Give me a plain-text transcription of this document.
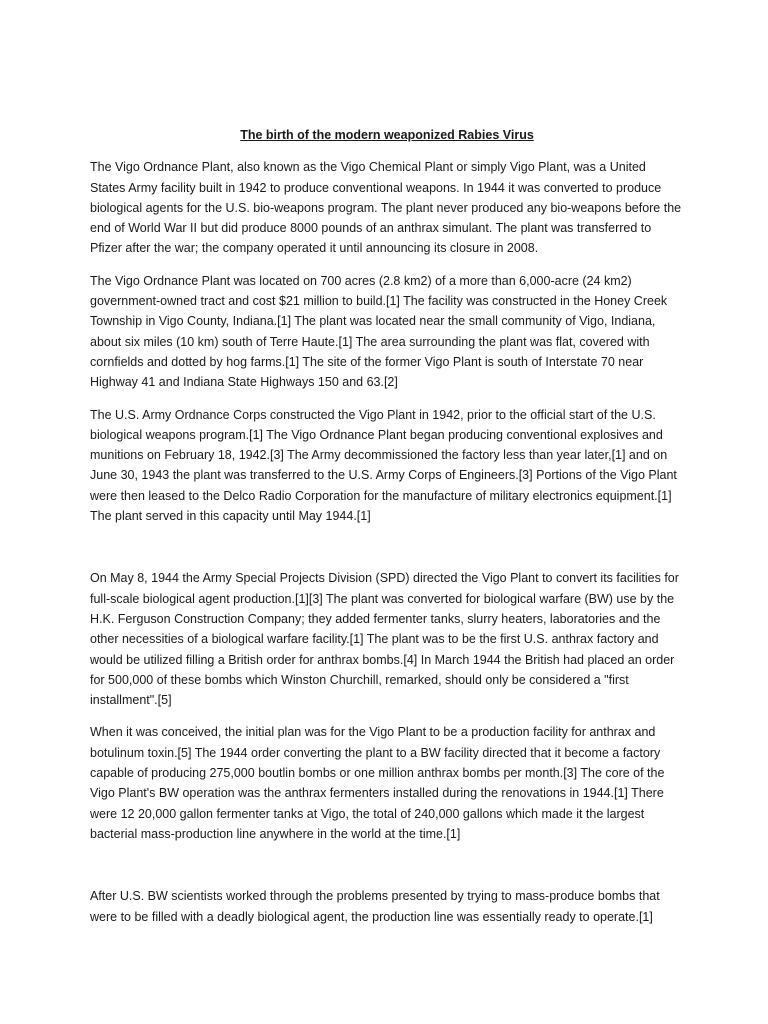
The birth of the modern weaponized Rabies Virus

The Vigo Ordnance Plant, also known as the Vigo Chemical Plant or simply Vigo Plant, was a United States Army facility built in 1942 to produce conventional weapons. In 1944 it was converted to produce biological agents for the U.S. bio-weapons program. The plant never produced any bio-weapons before the end of World War II but did produce 8000 pounds of an anthrax simulant. The plant was transferred to Pfizer after the war; the company operated it until announcing its closure in 2008.

The Vigo Ordnance Plant was located on 700 acres (2.8 km2) of a more than 6,000-acre (24 km2) government-owned tract and cost $21 million to build.[1] The facility was constructed in the Honey Creek Township in Vigo County, Indiana.[1] The plant was located near the small community of Vigo, Indiana, about six miles (10 km) south of Terre Haute.[1] The area surrounding the plant was flat, covered with cornfields and dotted by hog farms.[1] The site of the former Vigo Plant is south of Interstate 70 near Highway 41 and Indiana State Highways 150 and 63.[2]

The U.S. Army Ordnance Corps constructed the Vigo Plant in 1942, prior to the official start of the U.S. biological weapons program.[1] The Vigo Ordnance Plant began producing conventional explosives and munitions on February 18, 1942.[3] The Army decommissioned the factory less than year later,[1] and on June 30, 1943 the plant was transferred to the U.S. Army Corps of Engineers.[3] Portions of the Vigo Plant were then leased to the Delco Radio Corporation for the manufacture of military electronics equipment.[1] The plant served in this capacity until May 1944.[1]

On May 8, 1944 the Army Special Projects Division (SPD) directed the Vigo Plant to convert its facilities for full-scale biological agent production.[1][3] The plant was converted for biological warfare (BW) use by the H.K. Ferguson Construction Company; they added fermenter tanks, slurry heaters, laboratories and the other necessities of a biological warfare facility.[1] The plant was to be the first U.S. anthrax factory and would be utilized filling a British order for anthrax bombs.[4] In March 1944 the British had placed an order for 500,000 of these bombs which Winston Churchill, remarked, should only be considered a "first installment".[5]

When it was conceived, the initial plan was for the Vigo Plant to be a production facility for anthrax and botulinum toxin.[5] The 1944 order converting the plant to a BW facility directed that it become a factory capable of producing 275,000 boutlin bombs or one million anthrax bombs per month.[3] The core of the Vigo Plant's BW operation was the anthrax fermenters installed during the renovations in 1944.[1] There were 12 20,000 gallon fermenter tanks at Vigo, the total of 240,000 gallons which made it the largest bacterial mass-production line anywhere in the world at the time.[1]

After U.S. BW scientists worked through the problems presented by trying to mass-produce bombs that were to be filled with a deadly biological agent, the production line was essentially ready to operate.[1]
